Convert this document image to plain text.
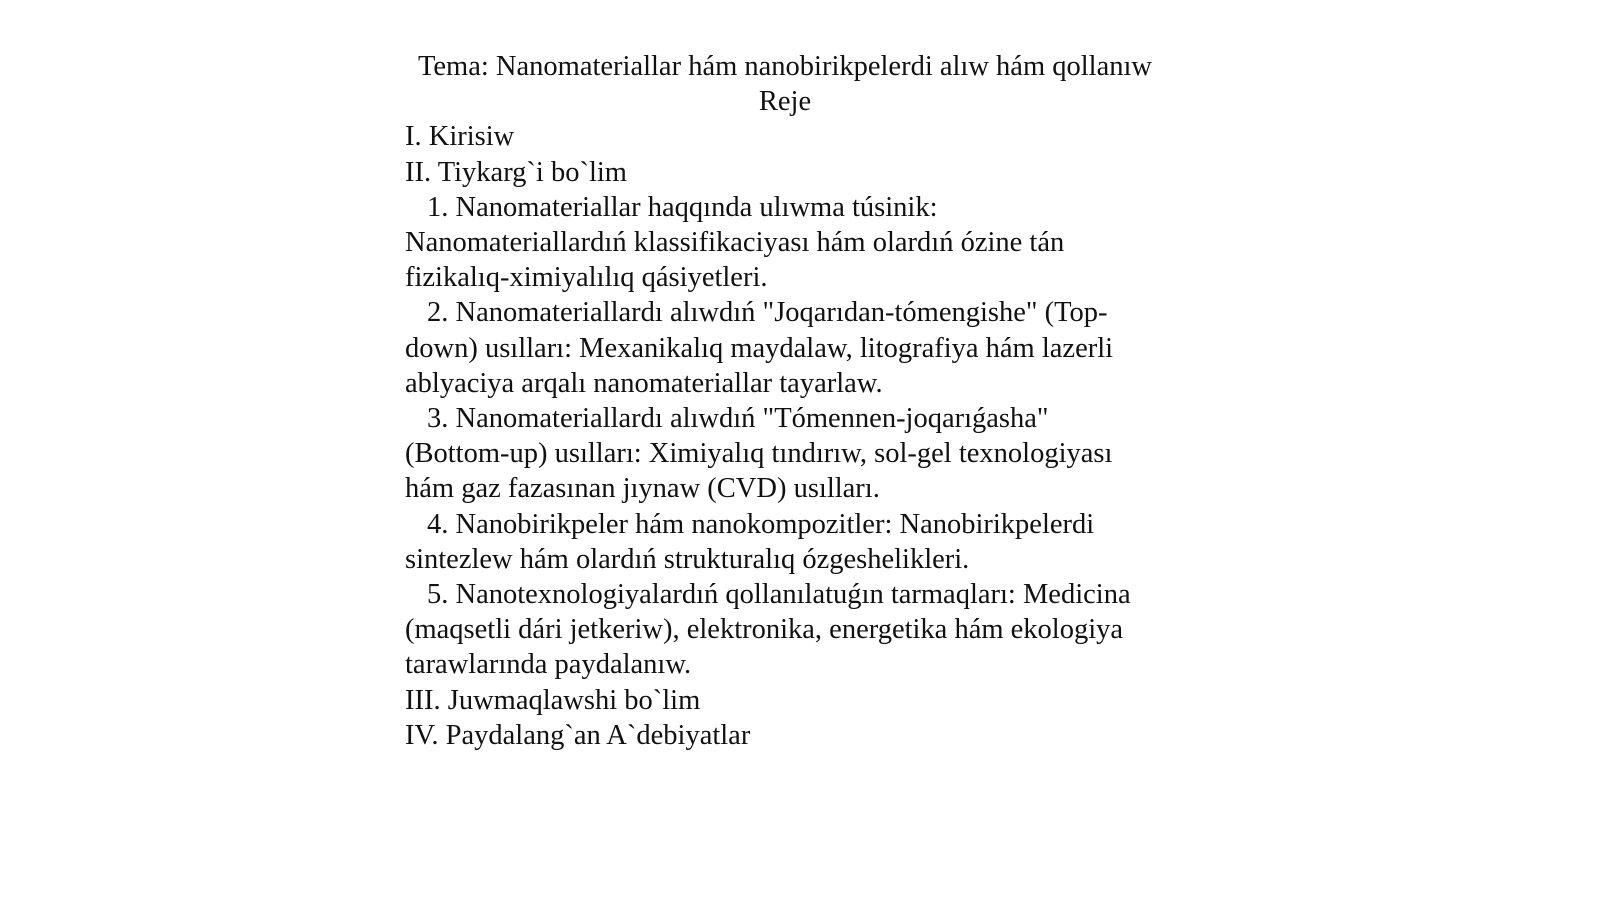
Tema: Nanomateriallar hám nanobirikpelerdi alıw hám qollanıw
Reje
I. Kirisiw
II. Tiykarg`i bo`lim
1. Nanomateriallar haqqında ulıwma túsinik:
Nanomateriallardıń klassifikaciyası hám olardıń ózine tán
fizikalıq-ximiyalılıq qásiyetleri.
2. Nanomateriallardı alıwdıń "Joqarıdan-tómengishe" (Top-
down) usılları: Mexanikalıq maydalaw, litografiya hám lazerli
ablyaciya arqalı nanomateriallar tayarlaw.
3. Nanomateriallardı alıwdıń "Tómennen-joqarıǵasha"
(Bottom-up) usılları: Ximiyalıq tındırıw, sol-gel texnologiyası
hám gaz fazasınan jıynaw (CVD) usılları.
4. Nanobirikpeler hám nanokompozitler: Nanobirikpelerdi
sintezlew hám olardıń strukturalıq ózgeshelikleri.
5. Nanotexnologiyalardıń qollanılatuǵın tarmaqları: Medicina
(maqsetli dári jetkeriw), elektronika, energetika hám ekologiya
tarawlarında paydalanıw.
III. Juwmaqlawshi bo`lim
IV. Paydalang`an A`debiyatlar
